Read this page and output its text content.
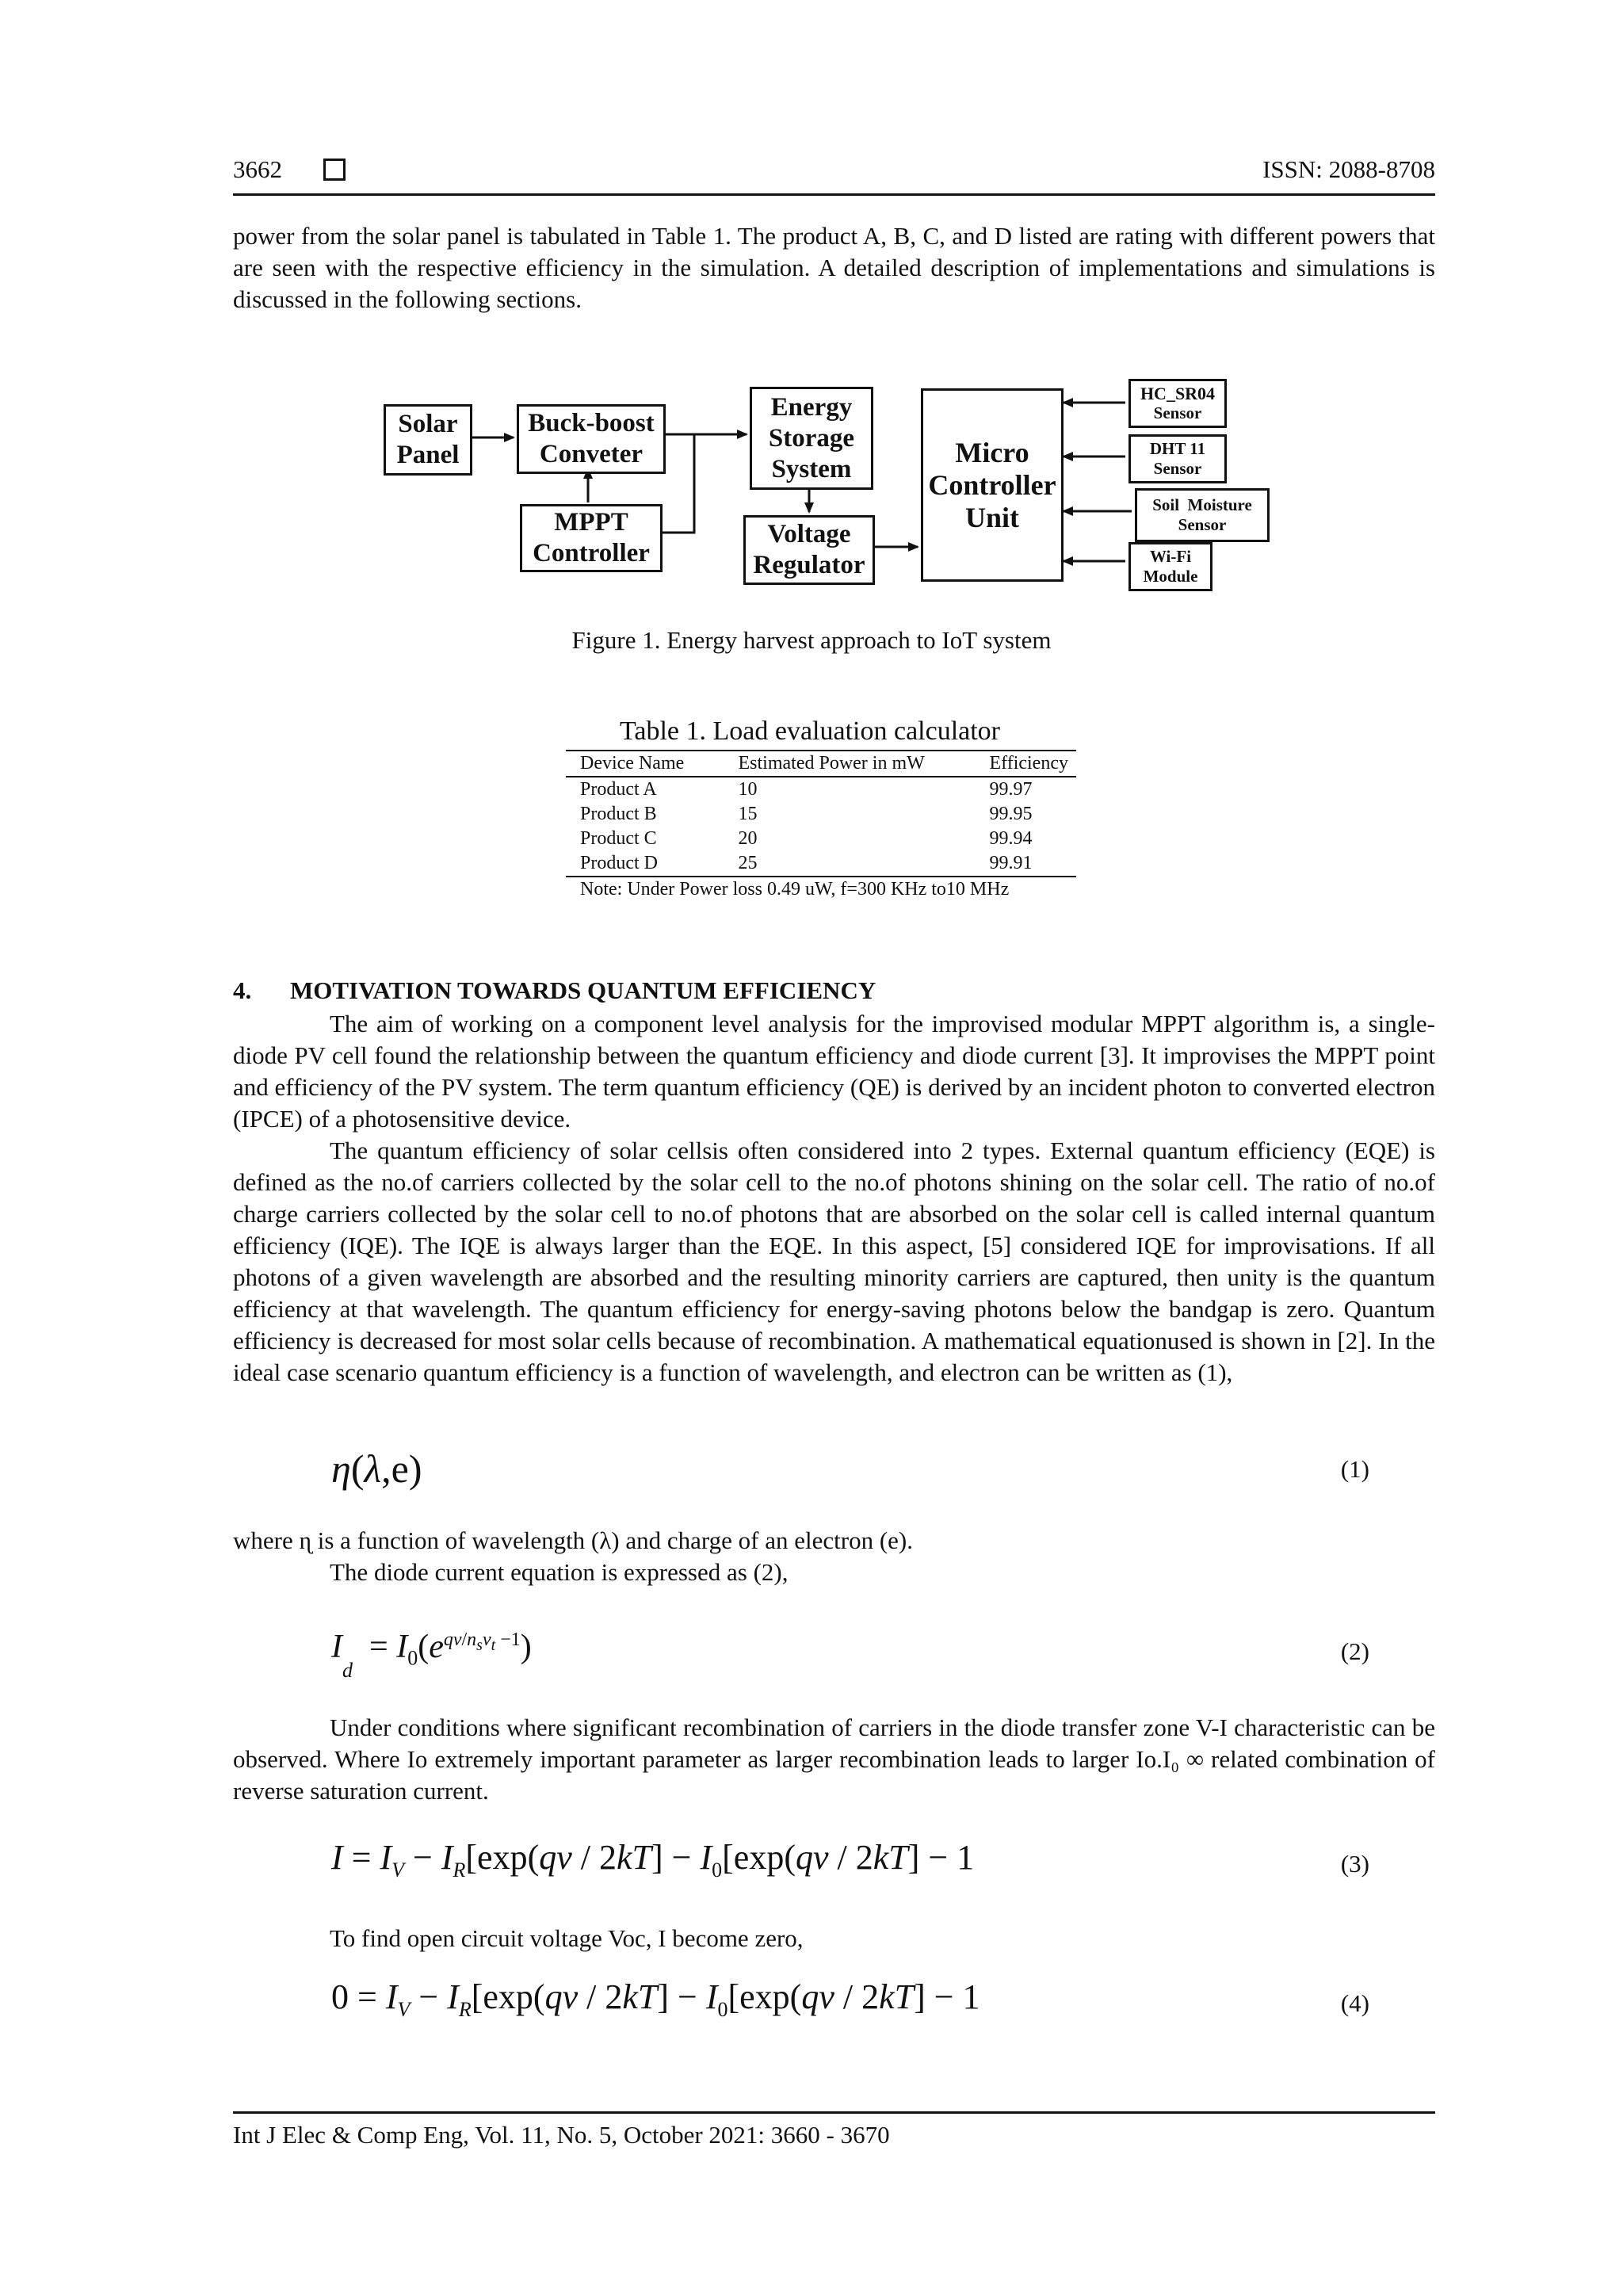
3662	ISSN: 2088-8708
power from the solar panel is tabulated in Table 1. The product A, B, C, and D listed are rating with different powers that are seen with the respective efficiency in the simulation. A detailed description of implementations and simulations is discussed in the following sections.
Solar
Panel
Buck-boost
Conveter
MPPT
Controller
Energy
Storage
System
Voltage
Regulator
Micro
Controller
Unit
HC_SR04
Sensor
DHT 11
Sensor
Soil  Moisture
Sensor
Wi-Fi
Module
Figure 1. Energy harvest approach to IoT system
Table 1. Load evaluation calculator
Device Name	Estimated Power in mW	Efficiency
Product A	10	99.97
Product B	15	99.95
Product C	20	99.94
Product D	25	99.91
Note: Under Power loss 0.49 uW, f=300 KHz to10 MHz		
4. MOTIVATION TOWARDS QUANTUM EFFICIENCY
The aim of working on a component level analysis for the improvised modular MPPT algorithm is, a single-diode PV cell found the relationship between the quantum efficiency and diode current [3]. It improvises the MPPT point and efficiency of the PV system. The term quantum efficiency (QE) is derived by an incident photon to converted electron (IPCE) of a photosensitive device.
The quantum efficiency of solar cellsis often considered into 2 types. External quantum efficiency (EQE) is defined as the no.of carriers collected by the solar cell to the no.of photons shining on the solar cell. The ratio of no.of charge carriers collected by the solar cell to no.of photons that are absorbed on the solar cell is called internal quantum efficiency (IQE). The IQE is always larger than the EQE. In this aspect, [5] considered IQE for improvisations. If all photons of a given wavelength are absorbed and the resulting minority carriers are captured, then unity is the quantum efficiency at that wavelength. The quantum efficiency for energy-saving photons below the bandgap is zero. Quantum efficiency is decreased for most solar cells because of recombination. A mathematical equationused is shown in [2]. In the ideal case scenario quantum efficiency is a function of wavelength, and electron can be written as (1),
η(λ,e)	(1)
where ɳ is a function of wavelength (λ) and charge of an electron (e).
The diode current equation is expressed as (2),
$I_d = I_0(e^{qv/n_sv_t -1})$	(2)
Under conditions where significant recombination of carriers in the diode transfer zone V-I characteristic can be observed. Where Io extremely important parameter as larger recombination leads to larger Io.I₀ ∞ related combination of reverse saturation current.
$I = I_V - I_R[\exp(qv / 2kT] - I_0[\exp(qv / 2kT] - 1$	(3)
To find open circuit voltage Voc, I become zero,
$0 = I_V - I_R[\exp(qv / 2kT] - I_0[\exp(qv / 2kT] - 1$	(4)
Int J Elec & Comp Eng, Vol. 11, No. 5, October 2021: 3660 - 3670
